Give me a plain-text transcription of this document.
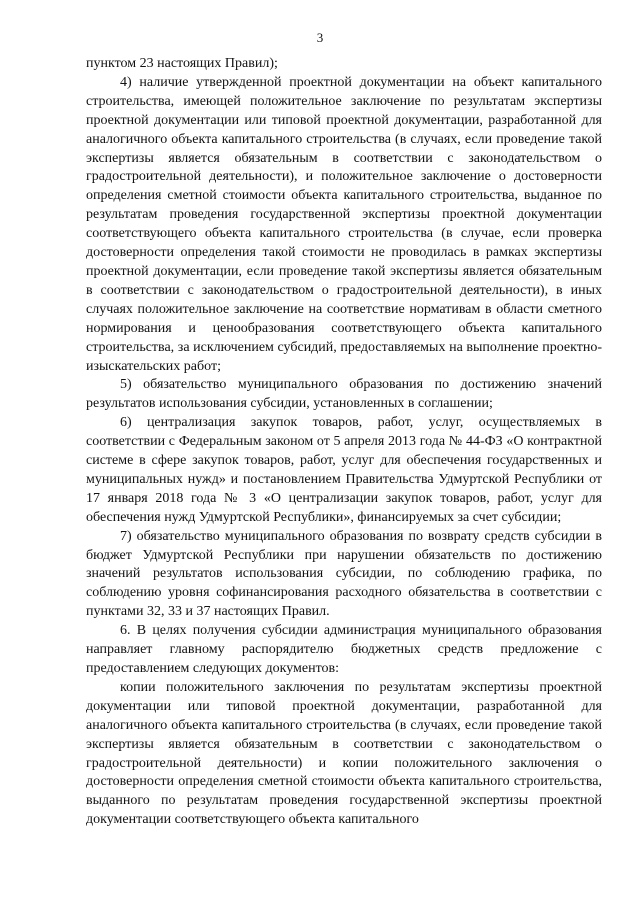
3

пунктом 23 настоящих Правил);

4) наличие утвержденной проектной документации на объект капитального строительства, имеющей положительное заключение по результатам экспертизы проектной документации или типовой проектной документации, разработанной для аналогичного объекта капитального строительства (в случаях, если проведение такой экспертизы является обязательным в соответствии с законодательством о градостроительной деятельности), и положительное заключение о достоверности определения сметной стоимости объекта капитального строительства, выданное по результатам проведения государственной экспертизы проектной документации соответствующего объекта капитального строительства (в случае, если проверка достоверности определения такой стоимости не проводилась в рамках экспертизы проектной документации, если проведение такой экспертизы является обязательным в соответствии с законодательством о градостроительной деятельности), в иных случаях положительное заключение на соответствие нормативам в области сметного нормирования и ценообразования соответствующего объекта капитального строительства, за исключением субсидий, предоставляемых на выполнение проектно-изыскательских работ;

5) обязательство муниципального образования по достижению значений результатов использования субсидии, установленных в соглашении;

6) централизация закупок товаров, работ, услуг, осуществляемых в соответствии с Федеральным законом от 5 апреля 2013 года № 44-ФЗ «О контрактной системе в сфере закупок товаров, работ, услуг для обеспечения государственных и муниципальных нужд» и постановлением Правительства Удмуртской Республики от 17 января 2018 года № 3 «О централизации закупок товаров, работ, услуг для обеспечения нужд Удмуртской Республики», финансируемых за счет субсидии;

7) обязательство муниципального образования по возврату средств субсидии в бюджет Удмуртской Республики при нарушении обязательств по достижению значений результатов использования субсидии, по соблюдению графика, по соблюдению уровня софинансирования расходного обязательства в соответствии с пунктами 32, 33 и 37 настоящих Правил.

6. В целях получения субсидии администрация муниципального образования направляет главному распорядителю бюджетных средств предложение с предоставлением следующих документов:

копии положительного заключения по результатам экспертизы проектной документации или типовой проектной документации, разработанной для аналогичного объекта капитального строительства (в случаях, если проведение такой экспертизы является обязательным в соответствии с законодательством о градостроительной деятельности) и копии положительного заключения о достоверности определения сметной стоимости объекта капитального строительства, выданного по результатам проведения государственной экспертизы проектной документации соответствующего объекта капитального
